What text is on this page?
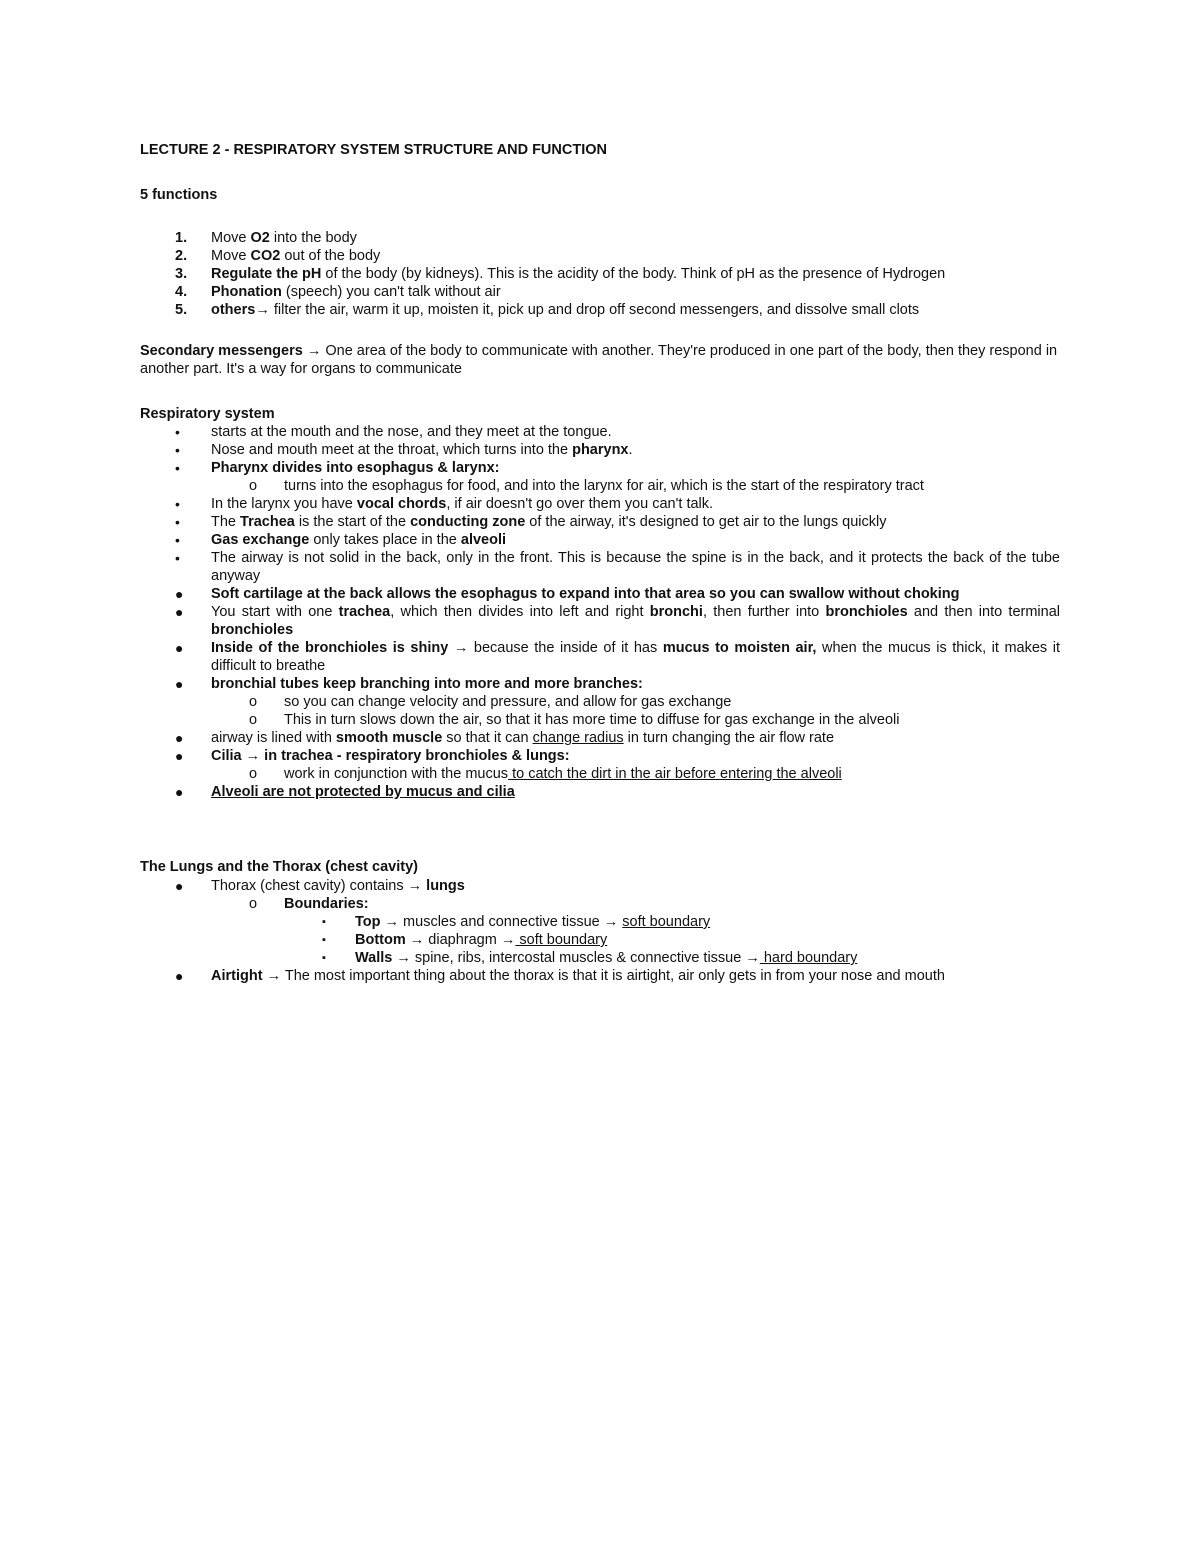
LECTURE 2 - RESPIRATORY SYSTEM STRUCTURE AND FUNCTION
5 functions
1. Move O2 into the body
2. Move CO2 out of the body
3. Regulate the pH of the body (by kidneys). This is the acidity of the body. Think of pH as the presence of Hydrogen
4. Phonation (speech) you can't talk without air
5. others→ filter the air, warm it up, moisten it, pick up and drop off second messengers, and dissolve small clots
Secondary messengers → One area of the body to communicate with another. They're produced in one part of the body, then they respond in another part. It's a way for organs to communicate
Respiratory system
• starts at the mouth and the nose, and they meet at the tongue.
• Nose and mouth meet at the throat, which turns into the pharynx.
• Pharynx divides into esophagus & larynx:
o turns into the esophagus for food, and into the larynx for air, which is the start of the respiratory tract
• In the larynx you have vocal chords, if air doesn't go over them you can't talk.
• The Trachea is the start of the conducting zone of the airway, it's designed to get air to the lungs quickly
• Gas exchange only takes place in the alveoli
• The airway is not solid in the back, only in the front. This is because the spine is in the back, and it protects the back of the tube anyway
● Soft cartilage at the back allows the esophagus to expand into that area so you can swallow without choking
● You start with one trachea, which then divides into left and right bronchi, then further into bronchioles and then into terminal bronchioles
● Inside of the bronchioles is shiny → because the inside of it has mucus to moisten air, when the mucus is thick, it makes it difficult to breathe
● bronchial tubes keep branching into more and more branches:
o so you can change velocity and pressure, and allow for gas exchange
o This in turn slows down the air, so that it has more time to diffuse for gas exchange in the alveoli
● airway is lined with smooth muscle so that it can change radius in turn changing the air flow rate
● Cilia → in trachea - respiratory bronchioles & lungs:
o work in conjunction with the mucus to catch the dirt in the air before entering the alveoli
● Alveoli are not protected by mucus and cilia
The Lungs and the Thorax (chest cavity)
● Thorax (chest cavity) contains → lungs
o Boundaries:
▪ Top → muscles and connective tissue → soft boundary
▪ Bottom → diaphragm → soft boundary
▪ Walls → spine, ribs, intercostal muscles & connective tissue → hard boundary
● Airtight → The most important thing about the thorax is that it is airtight, air only gets in from your nose and mouth
